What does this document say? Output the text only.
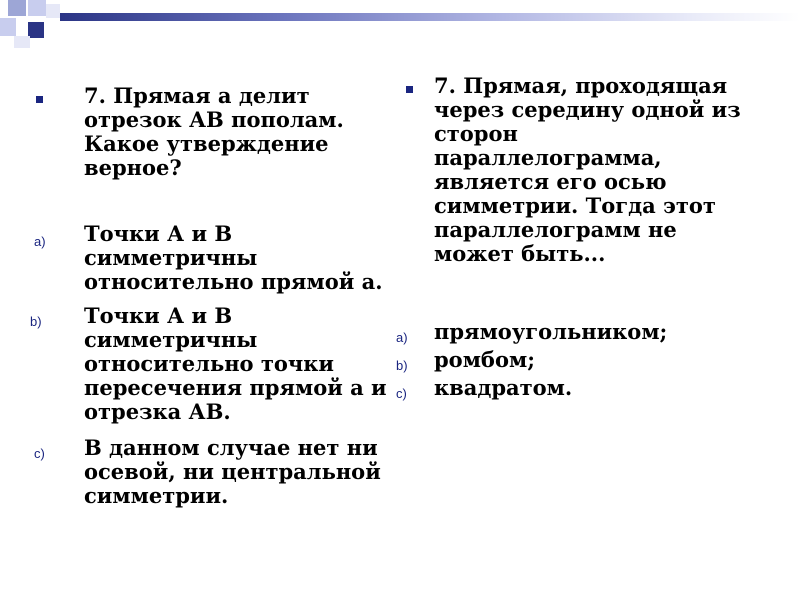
7. Прямая а делит
отрезок АВ пополам.
Какое утверждение
верное?
a) Точки А и В
симметричны
относительно прямой а.
b) Точки А и В
симметричны
относительно точки
пересечения прямой а и
отрезка АВ.
c) В данном случае нет ни
осевой, ни центральной
симметрии.
7. Прямая, проходящая
через середину одной из
сторон
параллелограмма,
является его осью
симметрии. Тогда этот
параллелограмм не
может быть...
a) прямоугольником;
b) ромбом;
c) квадратом.
